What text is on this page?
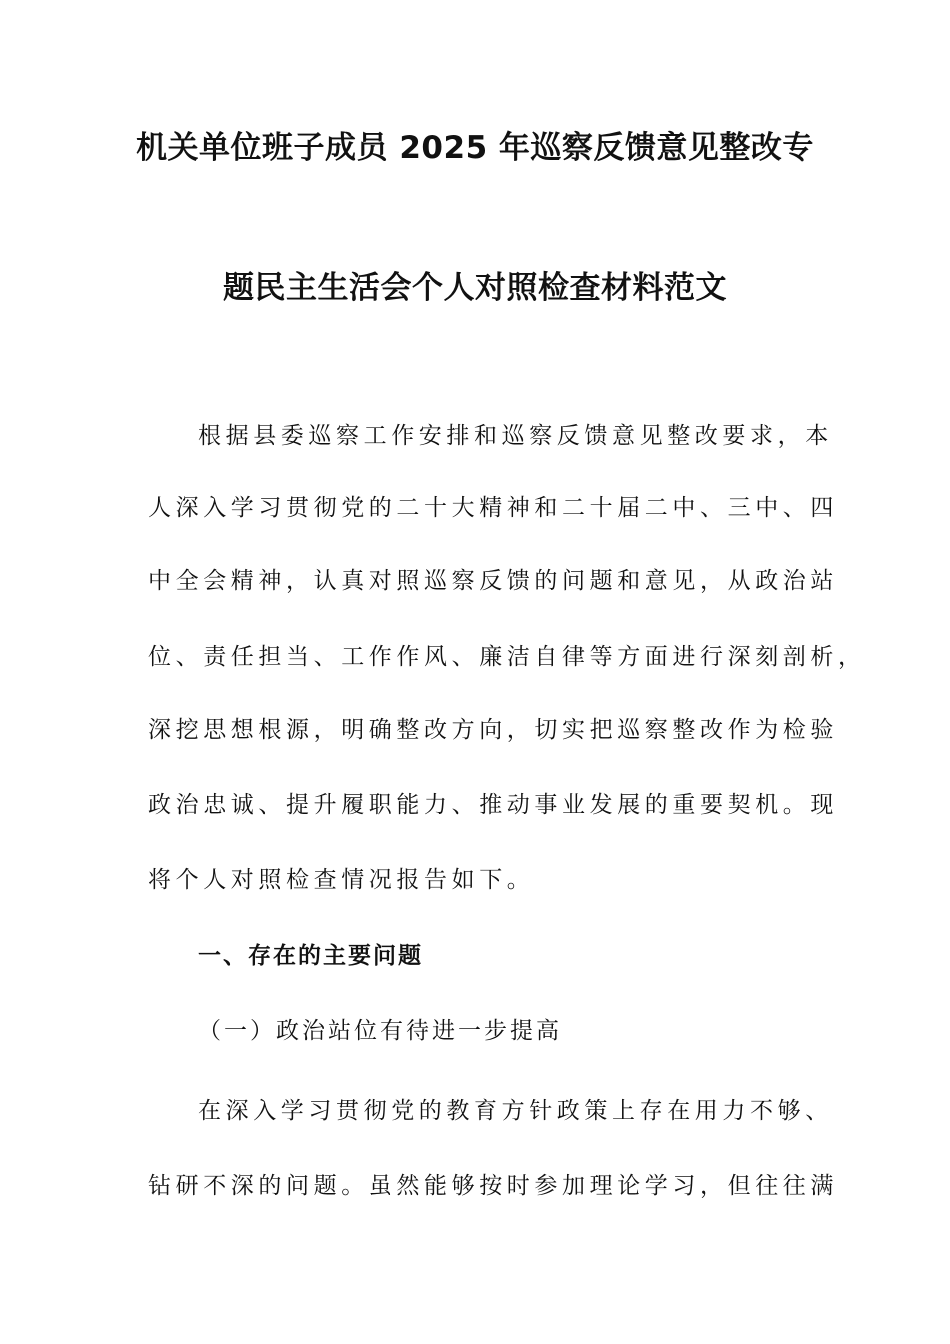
机关单位班子成员 2025 年巡察反馈意见整改专
题民主生活会个人对照检查材料范文
根据县委巡察工作安排和巡察反馈意见整改要求，本
人深入学习贯彻党的二十大精神和二十届二中、三中、四
中全会精神，认真对照巡察反馈的问题和意见，从政治站
位、责任担当、工作作风、廉洁自律等方面进行深刻剖析，
深挖思想根源，明确整改方向，切实把巡察整改作为检验
政治忠诚、提升履职能力、推动事业发展的重要契机。现
将个人对照检查情况报告如下。
一、存在的主要问题
（一）政治站位有待进一步提高
在深入学习贯彻党的教育方针政策上存在用力不够、
钻研不深的问题。虽然能够按时参加理论学习，但往往满
